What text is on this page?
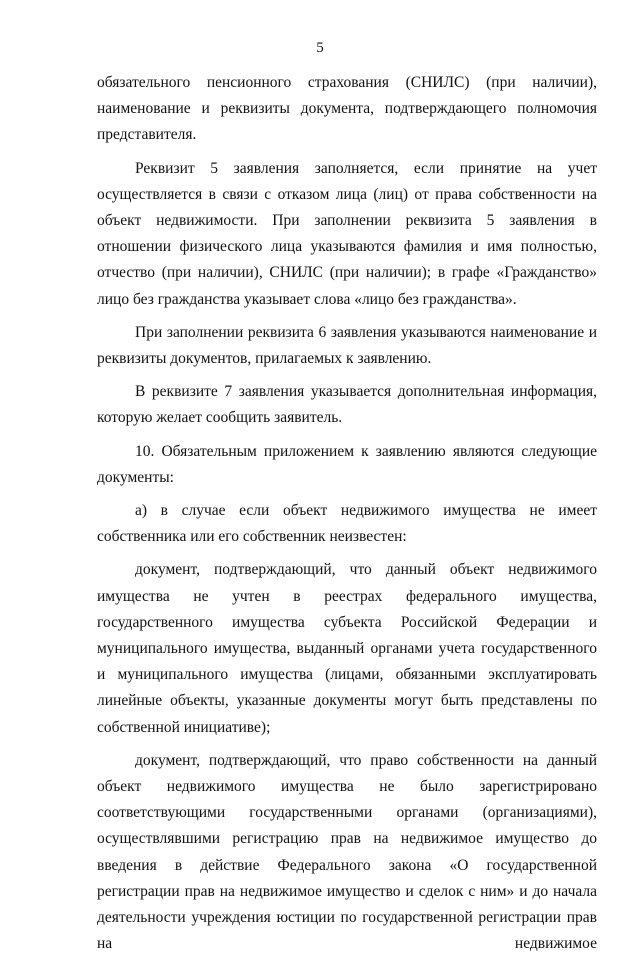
5

обязательного пенсионного страхования (СНИЛС) (при наличии), наименование и реквизиты документа, подтверждающего полномочия представителя.

Реквизит 5 заявления заполняется, если принятие на учет осуществляется в связи с отказом лица (лиц) от права собственности на объект недвижимости. При заполнении реквизита 5 заявления в отношении физического лица указываются фамилия и имя полностью, отчество (при наличии), СНИЛС (при наличии); в графе «Гражданство» лицо без гражданства указывает слова «лицо без гражданства».

При заполнении реквизита 6 заявления указываются наименование и реквизиты документов, прилагаемых к заявлению.

В реквизите 7 заявления указывается дополнительная информация, которую желает сообщить заявитель.

10. Обязательным приложением к заявлению являются следующие документы:

а) в случае если объект недвижимого имущества не имеет собственника или его собственник неизвестен:

документ, подтверждающий, что данный объект недвижимого имущества не учтен в реестрах федерального имущества, государственного имущества субъекта Российской Федерации и муниципального имущества, выданный органами учета государственного и муниципального имущества (лицами, обязанными эксплуатировать линейные объекты, указанные документы могут быть представлены по собственной инициативе);

документ, подтверждающий, что право собственности на данный объект недвижимого имущества не было зарегистрировано соответствующими государственными органами (организациями), осуществлявшими регистрацию прав на недвижимое имущество до введения в действие Федерального закона «О государственной регистрации прав на недвижимое имущество и сделок с ним» и до начала деятельности учреждения юстиции по государственной регистрации прав на недвижимое
